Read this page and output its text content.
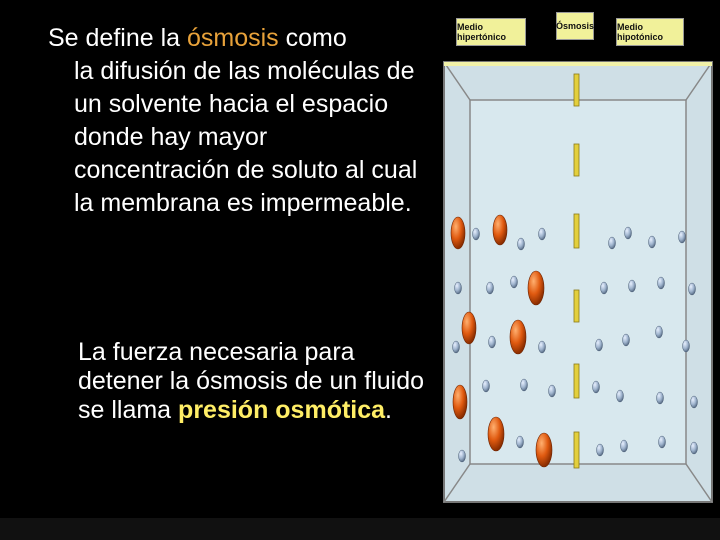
Se define la ósmosis como
la difusión de las moléculas de un solvente hacia el espacio donde hay mayor concentración de soluto al cual la membrana es impermeable.
La fuerza necesaria para detener la ósmosis de un fluido se llama presión osmótica.
Medio hipertónico
Ósmosis	Medio hipotónico
